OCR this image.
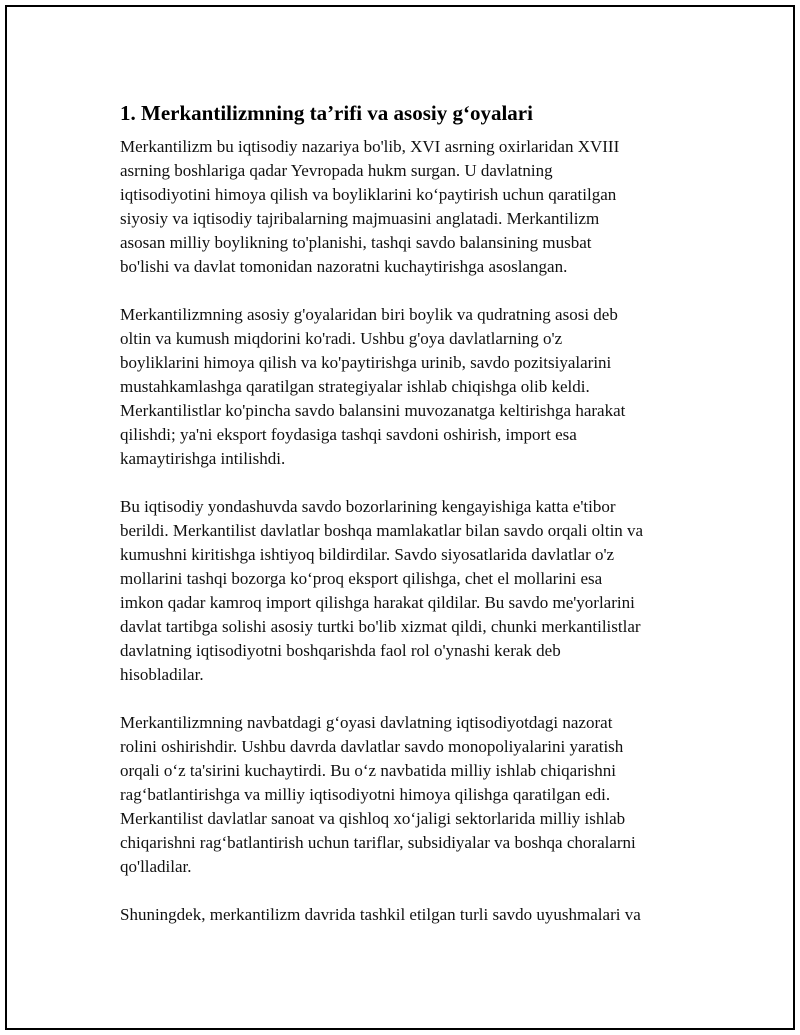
1. Merkantilizmning ta’rifi va asosiy g‘oyalari

Merkantilizm bu iqtisodiy nazariya bo'lib, XVI asrning oxirlaridan XVIII
asrning boshlariga qadar Yevropada hukm surgan. U davlatning
iqtisodiyotini himoya qilish va boyliklarini ko‘paytirish uchun qaratilgan
siyosiy va iqtisodiy tajribalarning majmuasini anglatadi. Merkantilizm
asosan milliy boylikning to'planishi, tashqi savdo balansining musbat
bo'lishi va davlat tomonidan nazoratni kuchaytirishga asoslangan.

Merkantilizmning asosiy g'oyalaridan biri boylik va qudratning asosi deb
oltin va kumush miqdorini ko'radi. Ushbu g'oya davlatlarning o'z
boyliklarini himoya qilish va ko'paytirishga urinib, savdo pozitsiyalarini
mustahkamlashga qaratilgan strategiyalar ishlab chiqishga olib keldi.
Merkantilistlar ko'pincha savdo balansini muvozanatga keltirishga harakat
qilishdi; ya'ni eksport foydasiga tashqi savdoni oshirish, import esa
kamaytirishga intilishdi.

Bu iqtisodiy yondashuvda savdo bozorlarining kengayishiga katta e'tibor
berildi. Merkantilist davlatlar boshqa mamlakatlar bilan savdo orqali oltin va
kumushni kiritishga ishtiyoq bildirdilar. Savdo siyosatlarida davlatlar o'z
mollarini tashqi bozorga ko‘proq eksport qilishga, chet el mollarini esa
imkon qadar kamroq import qilishga harakat qildilar. Bu savdo me'yorlarini
davlat tartibga solishi asosiy turtki bo'lib xizmat qildi, chunki merkantilistlar
davlatning iqtisodiyotni boshqarishda faol rol o'ynashi kerak deb
hisobladilar.

Merkantilizmning navbatdagi g‘oyasi davlatning iqtisodiyotdagi nazorat
rolini oshirishdir. Ushbu davrda davlatlar savdo monopoliyalarini yaratish
orqali o‘z ta'sirini kuchaytirdi. Bu o‘z navbatida milliy ishlab chiqarishni
rag‘batlantirishga va milliy iqtisodiyotni himoya qilishga qaratilgan edi.
Merkantilist davlatlar sanoat va qishloq xo‘jaligi sektorlarida milliy ishlab
chiqarishni rag‘batlantirish uchun tariflar, subsidiyalar va boshqa choralarni
qo'lladilar.

Shuningdek, merkantilizm davrida tashkil etilgan turli savdo uyushmalari va
